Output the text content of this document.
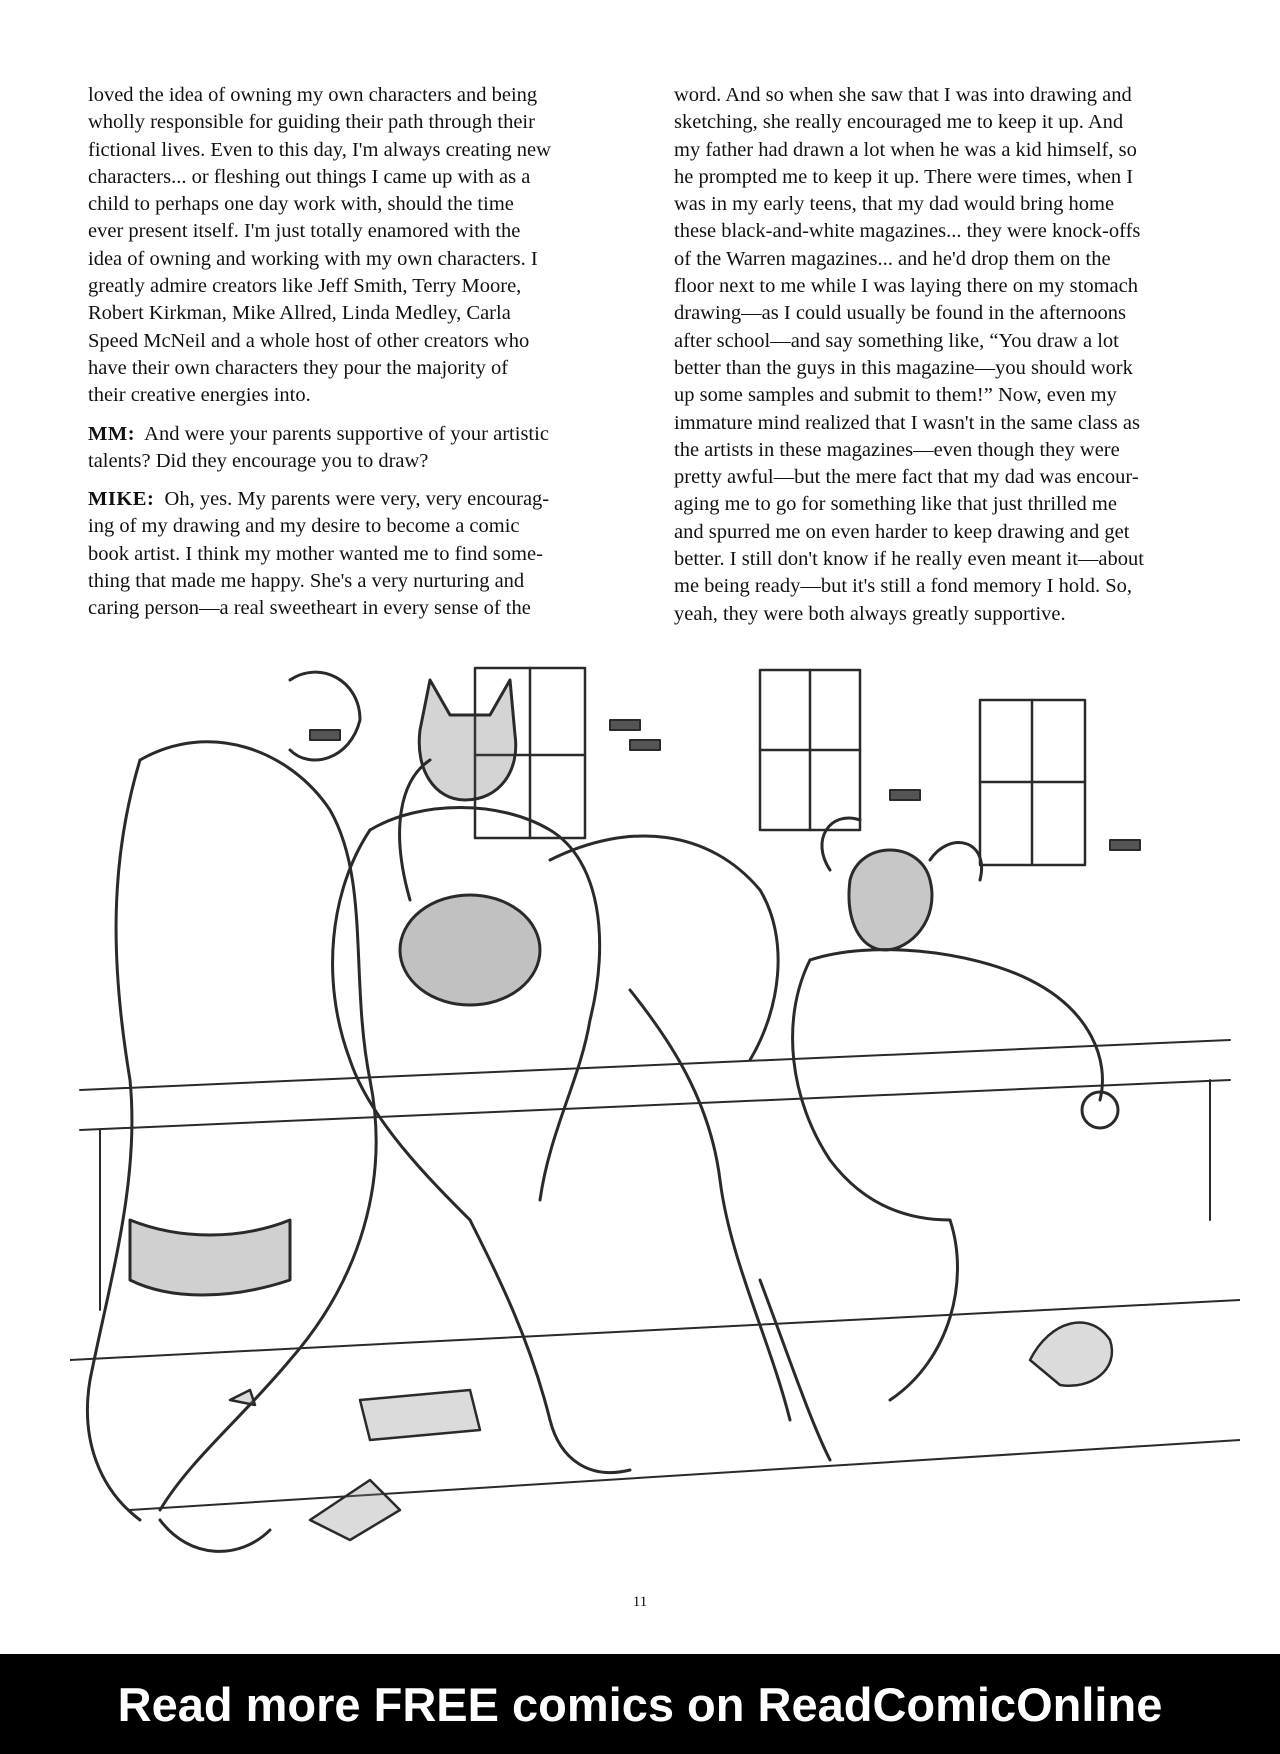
loved the idea of owning my own characters and being
wholly responsible for guiding their path through their
fictional lives. Even to this day, I'm always creating new
characters... or fleshing out things I came up with as a
child to perhaps one day work with, should the time
ever present itself. I'm just totally enamored with the
idea of owning and working with my own characters. I
greatly admire creators like Jeff Smith, Terry Moore,
Robert Kirkman, Mike Allred, Linda Medley, Carla
Speed McNeil and a whole host of other creators who
have their own characters they pour the majority of
their creative energies into.
MM: And were your parents supportive of your artistic
talents? Did they encourage you to draw?
MIKE: Oh, yes. My parents were very, very encourag-
ing of my drawing and my desire to become a comic
book artist. I think my mother wanted me to find some-
thing that made me happy. She's a very nurturing and
caring person—a real sweetheart in every sense of the
word. And so when she saw that I was into drawing and
sketching, she really encouraged me to keep it up. And
my father had drawn a lot when he was a kid himself, so
he prompted me to keep it up. There were times, when I
was in my early teens, that my dad would bring home
these black-and-white magazines... they were knock-offs
of the Warren magazines... and he'd drop them on the
floor next to me while I was laying there on my stomach
drawing—as I could usually be found in the afternoons
after school—and say something like, “You draw a lot
better than the guys in this magazine—you should work
up some samples and submit to them!” Now, even my
immature mind realized that I wasn't in the same class as
the artists in these magazines—even though they were
pretty awful—but the mere fact that my dad was encour-
aging me to go for something like that just thrilled me
and spurred me on even harder to keep drawing and get
better. I still don't know if he really even meant it—about
me being ready—but it's still a fond memory I hold. So,
yeah, they were both always greatly supportive.
11
Read more FREE comics on ReadComicOnline
